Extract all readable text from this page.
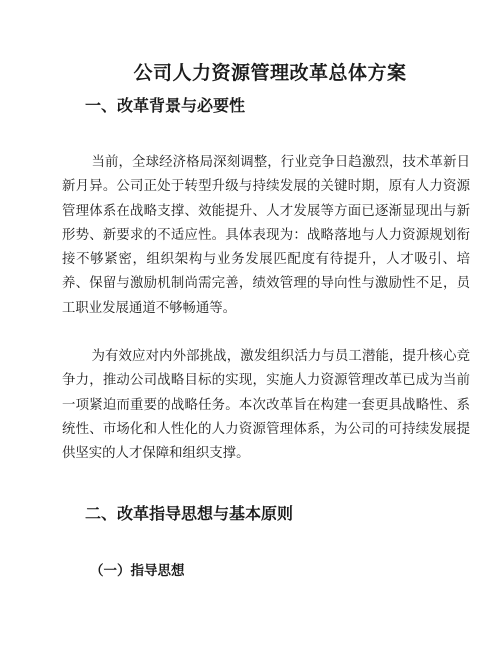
公司人力资源管理改革总体方案
一、改革背景与必要性

当前，全球经济格局深刻调整，行业竞争日趋激烈，技术革新日新月异。公司正处于转型升级与持续发展的关键时期，原有人力资源管理体系在战略支撑、效能提升、人才发展等方面已逐渐显现出与新形势、新要求的不适应性。具体表现为：战略落地与人力资源规划衔接不够紧密，组织架构与业务发展匹配度有待提升，人才吸引、培养、保留与激励机制尚需完善，绩效管理的导向性与激励性不足，员工职业发展通道不够畅通等。

为有效应对内外部挑战，激发组织活力与员工潜能，提升核心竞争力，推动公司战略目标的实现，实施人力资源管理改革已成为当前一项紧迫而重要的战略任务。本次改革旨在构建一套更具战略性、系统性、市场化和人性化的人力资源管理体系，为公司的可持续发展提供坚实的人才保障和组织支撑。

二、改革指导思想与基本原则
（一）指导思想
